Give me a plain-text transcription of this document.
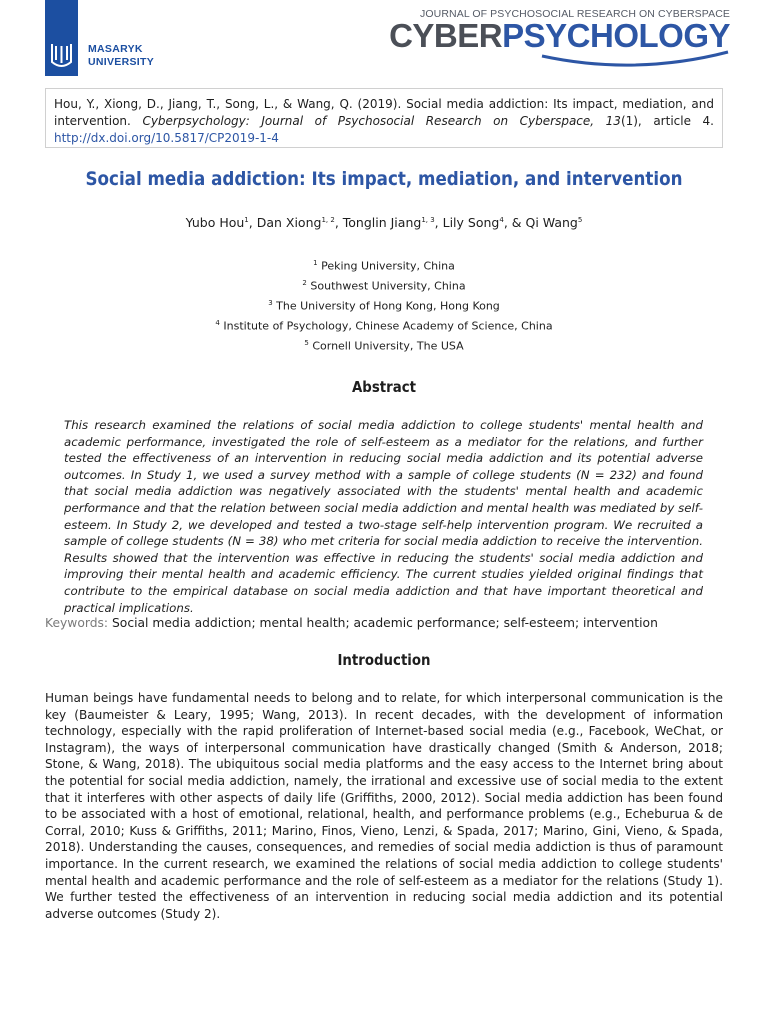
MASARYK
UNIVERSITY
JOURNAL OF PSYCHOSOCIAL RESEARCH ON CYBERSPACE
CYBERPSYCHOLOGY
Hou, Y., Xiong, D., Jiang, T., Song, L., & Wang, Q. (2019). Social media addiction: Its impact, mediation, and
intervention. Cyberpsychology: Journal of Psychosocial Research on Cyberspace, 13(1), article 4.
http://dx.doi.org/10.5817/CP2019-1-4
Social media addiction: Its impact, mediation, and intervention
Yubo Hou$^1$, Dan Xiong$^{1, 2}$, Tonglin Jiang$^{1, 3}$, Lily Song$^4$, & Qi Wang$^5$
$^1$ Peking University, China
$^2$ Southwest University, China
$^3$ The University of Hong Kong, Hong Kong
$^4$ Institute of Psychology, Chinese Academy of Science, China
$^5$ Cornell University, The USA
Abstract

This research examined the relations of social media addiction to college students' mental health and academic performance, investigated the role of self-esteem as a mediator for the relations, and further tested the effectiveness of an intervention in reducing social media addiction and its potential adverse outcomes. In Study 1, we used a survey method with a sample of college students (N = 232) and found that social media addiction was negatively associated with the students' mental health and academic performance and that the relation between social media addiction and mental health was mediated by self-esteem. In Study 2, we developed and tested a two-stage self-help intervention program. We recruited a sample of college students (N = 38) who met criteria for social media addiction to receive the intervention. Results showed that the intervention was effective in reducing the students' social media addiction and improving their mental health and academic efficiency. The current studies yielded original findings that contribute to the empirical database on social media addiction and that have important theoretical and practical implications.

Keywords: Social media addiction; mental health; academic performance; self-esteem; intervention
Introduction

Human beings have fundamental needs to belong and to relate, for which interpersonal communication is the key (Baumeister & Leary, 1995; Wang, 2013). In recent decades, with the development of information technology, especially with the rapid proliferation of Internet-based social media (e.g., Facebook, WeChat, or Instagram), the ways of interpersonal communication have drastically changed (Smith & Anderson, 2018; Stone, & Wang, 2018). The ubiquitous social media platforms and the easy access to the Internet bring about the potential for social media addiction, namely, the irrational and excessive use of social media to the extent that it interferes with other aspects of daily life (Griffiths, 2000, 2012). Social media addiction has been found to be associated with a host of emotional, relational, health, and performance problems (e.g., Echeburua & de Corral, 2010; Kuss & Griffiths, 2011; Marino, Finos, Vieno, Lenzi, & Spada, 2017; Marino, Gini, Vieno, & Spada, 2018). Understanding the causes, consequences, and remedies of social media addiction is thus of paramount importance. In the current research, we examined the relations of social media addiction to college students' mental health and academic performance and the role of self-esteem as a mediator for the relations (Study 1). We further tested the effectiveness of an intervention in reducing social media addiction and its potential adverse outcomes (Study 2).
